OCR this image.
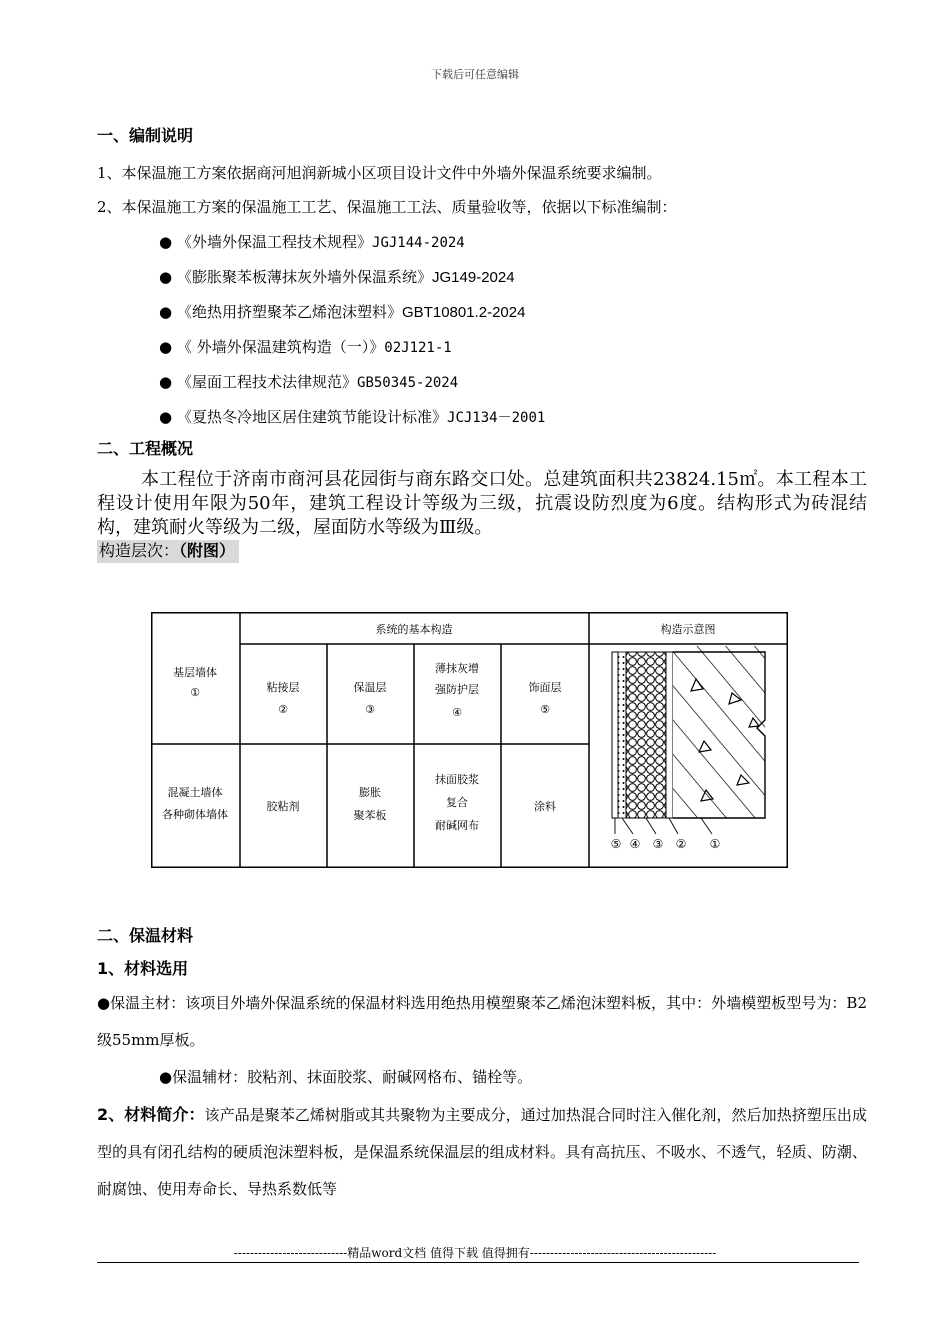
下载后可任意编辑
一、编制说明
1、本保温施工方案依据商河旭润新城小区项目设计文件中外墙外保温系统要求编制。
2、本保温施工方案的保温施工工艺、保温施工工法、质量验收等，依据以下标准编制：
● 《外墙外保温工程技术规程》JGJ144-2024
● 《膨胀聚苯板薄抹灰外墙外保温系统》JG149-2024
● 《绝热用挤塑聚苯乙烯泡沫塑料》GBT10801.2-2024
● 《 外墙外保温建筑构造（一）》02J121-1
● 《屋面工程技术法律规范》GB50345-2024
● 《夏热冬冷地区居住建筑节能设计标准》JCJ134－2001
二、工程概况
本工程位于济南市商河县花园街与商东路交口处。总建筑面积共23824.15㎡。本工程本工程设计使用年限为50年，建筑工程设计等级为三级，抗震设防烈度为6度。结构形式为砖混结构，建筑耐火等级为二级，屋面防水等级为Ⅲ级。
构造层次：（附图）
系统的基本构造	构造示意图
基层墙体
①	粘接层
②
保温层
③
薄抹灰增
强防护层
④
饰面层
⑤
混凝土墙体
各种砌体墙体
胶粘剂
膨胀
聚苯板
抹面胶浆
复合
耐碱网布
涂料
⑤ ④ ③ ② ①
二、保温材料
1、材料选用
●保温主材：该项目外墙外保温系统的保温材料选用绝热用模塑聚苯乙烯泡沫塑料板，其中：外墙模塑板型号为：B2级55mm厚板。
●保温辅材：胶粘剂、抹面胶浆、耐碱网格布、锚栓等。
2、材料简介：该产品是聚苯乙烯树脂或其共聚物为主要成分，通过加热混合同时注入催化剂，然后加热挤塑压出成型的具有闭孔结构的硬质泡沫塑料板，是保温系统保温层的组成材料。具有高抗压、不吸水、不透气，轻质、防潮、耐腐蚀、使用寿命长、导热系数低等
----------------------------精品word文档 值得下载 值得拥有----------------------------------------------
